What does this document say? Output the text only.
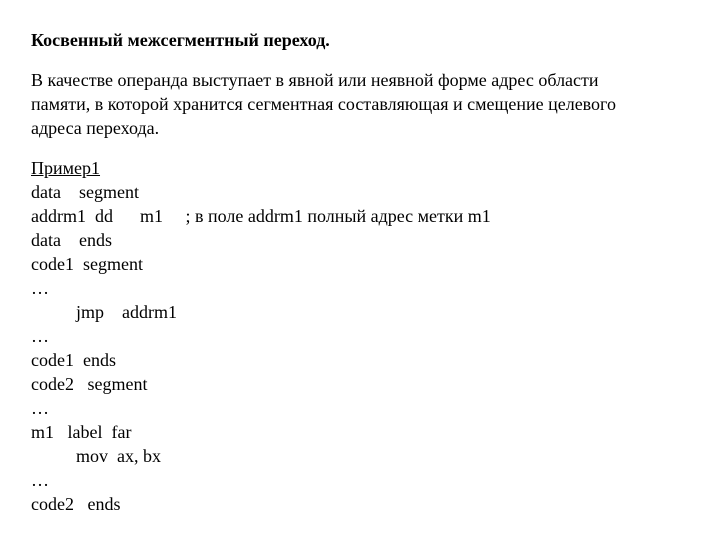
Косвенный межсегментный переход.
В качестве операнда выступает в явной или неявной форме адрес области
памяти, в которой хранится сегментная составляющая и смещение целевого
адреса перехода.
Пример1
data    segment
addrm1  dd      m1     ; в поле addrm1 полный адрес метки m1
data    ends
code1  segment
…
jmp    addrm1
…
code1  ends
code2   segment
…
m1   label  far
mov  ax, bx
…
code2   ends
